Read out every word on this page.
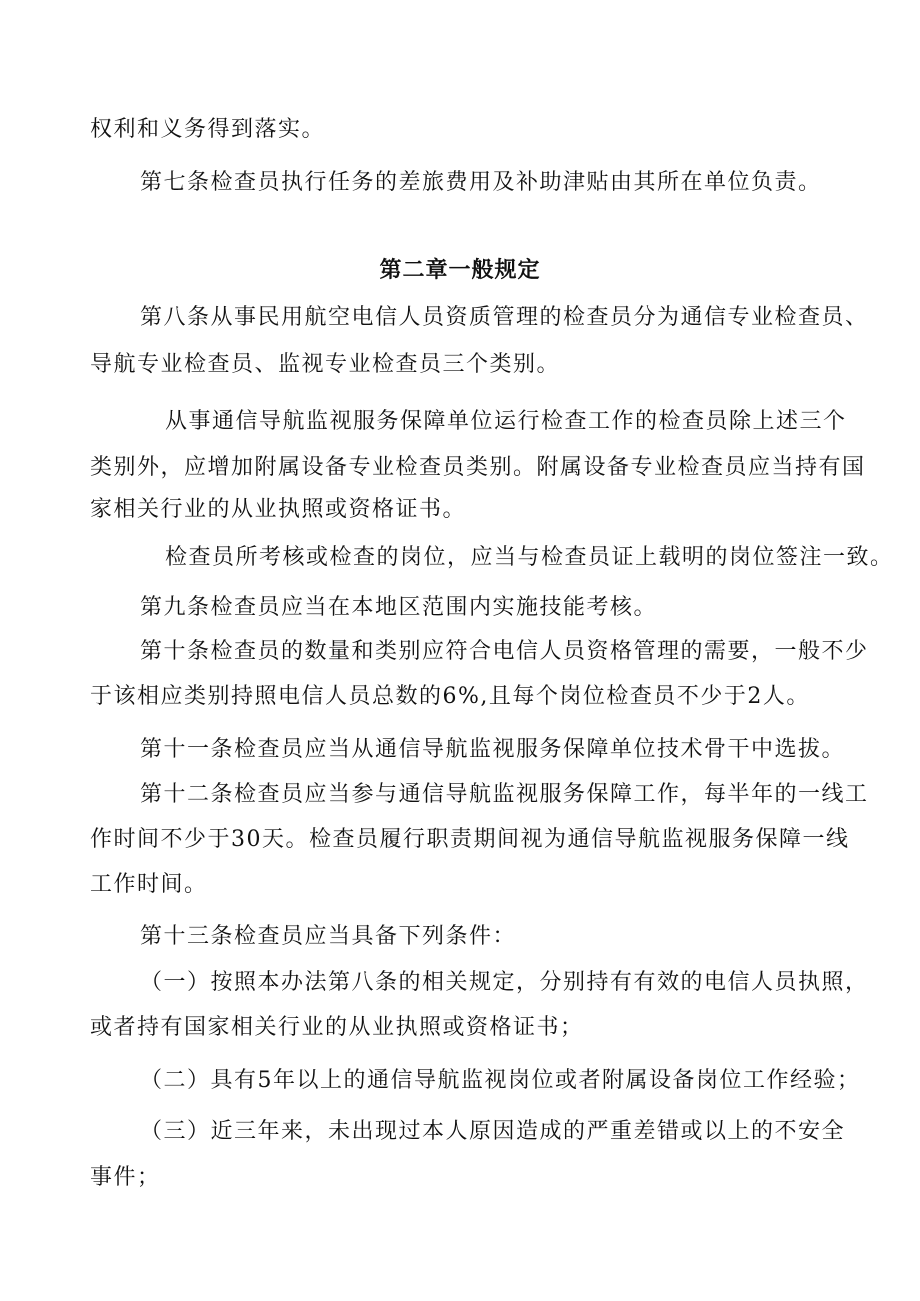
权利和义务得到落实。
第七条检查员执行任务的差旅费用及补助津贴由其所在单位负责。
第二章一般规定
第八条从事民用航空电信人员资质管理的检查员分为通信专业检查员、
导航专业检查员、监视专业检查员三个类别。
从事通信导航监视服务保障单位运行检查工作的检查员除上述三个
类别外，应增加附属设备专业检查员类别。附属设备专业检查员应当持有国
家相关行业的从业执照或资格证书。
检查员所考核或检查的岗位，应当与检查员证上载明的岗位签注一致。
第九条检查员应当在本地区范围内实施技能考核。
第十条检查员的数量和类别应符合电信人员资格管理的需要，一般不少
于该相应类别持照电信人员总数的6%,且每个岗位检查员不少于2人。
第十一条检查员应当从通信导航监视服务保障单位技术骨干中选拔。
第十二条检查员应当参与通信导航监视服务保障工作，每半年的一线工
作时间不少于30天。检查员履行职责期间视为通信导航监视服务保障一线
工作时间。
第十三条检查员应当具备下列条件：
（一）按照本办法第八条的相关规定，分别持有有效的电信人员执照，
或者持有国家相关行业的从业执照或资格证书；
（二）具有5年以上的通信导航监视岗位或者附属设备岗位工作经验；
（三）近三年来，未出现过本人原因造成的严重差错或以上的不安全
事件；
